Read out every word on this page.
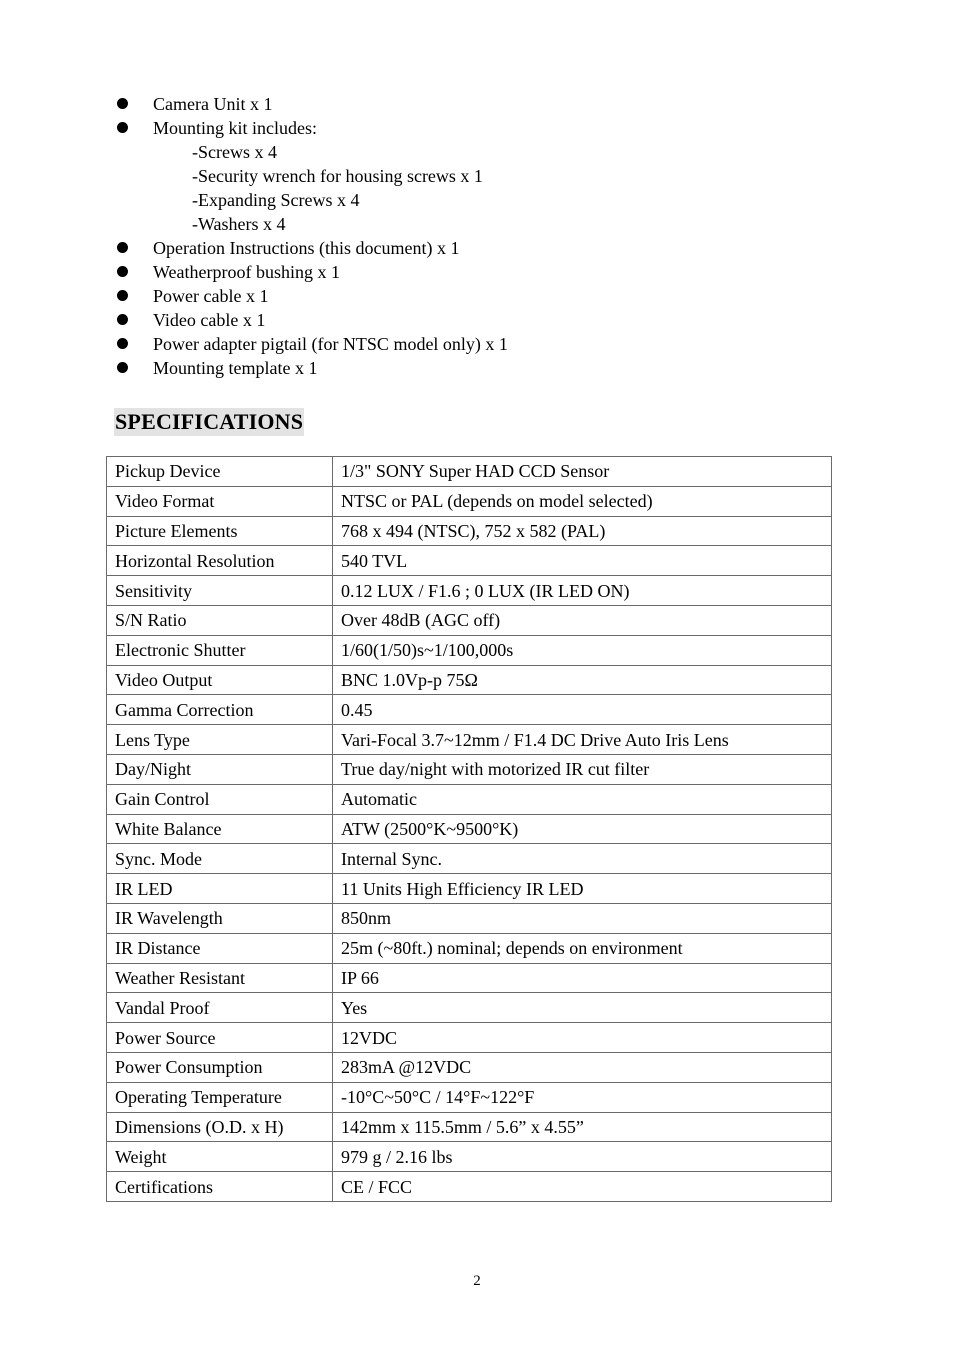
Camera Unit x 1
Mounting kit includes:
-Screws x 4
-Security wrench for housing screws x 1
-Expanding Screws x 4
-Washers x 4
Operation Instructions (this document) x 1
Weatherproof bushing x 1
Power cable x 1
Video cable x 1
Power adapter pigtail (for NTSC model only) x 1
Mounting template x 1
SPECIFICATIONS
Pickup Device	1/3" SONY Super HAD CCD Sensor
Video Format	NTSC or PAL (depends on model selected)
Picture Elements	768 x 494 (NTSC), 752 x 582 (PAL)
Horizontal Resolution	540 TVL
Sensitivity	0.12 LUX / F1.6 ; 0 LUX (IR LED ON)
S/N Ratio	Over 48dB (AGC off)
Electronic Shutter	1/60(1/50)s~1/100,000s
Video Output	BNC 1.0Vp-p 75Ω
Gamma Correction	0.45
Lens Type	Vari-Focal 3.7~12mm / F1.4 DC Drive Auto Iris Lens
Day/Night	True day/night with motorized IR cut filter
Gain Control	Automatic
White Balance	ATW (2500°K~9500°K)
Sync. Mode	Internal Sync.
IR LED	11 Units High Efficiency IR LED
IR Wavelength	850nm
IR Distance	25m (~80ft.) nominal; depends on environment
Weather Resistant	IP 66
Vandal Proof	Yes
Power Source	12VDC
Power Consumption	283mA @12VDC
Operating Temperature	-10°C~50°C / 14°F~122°F
Dimensions (O.D. x H)	142mm x 115.5mm / 5.6” x 4.55”
Weight	979 g / 2.16 lbs
Certifications	CE / FCC
2
